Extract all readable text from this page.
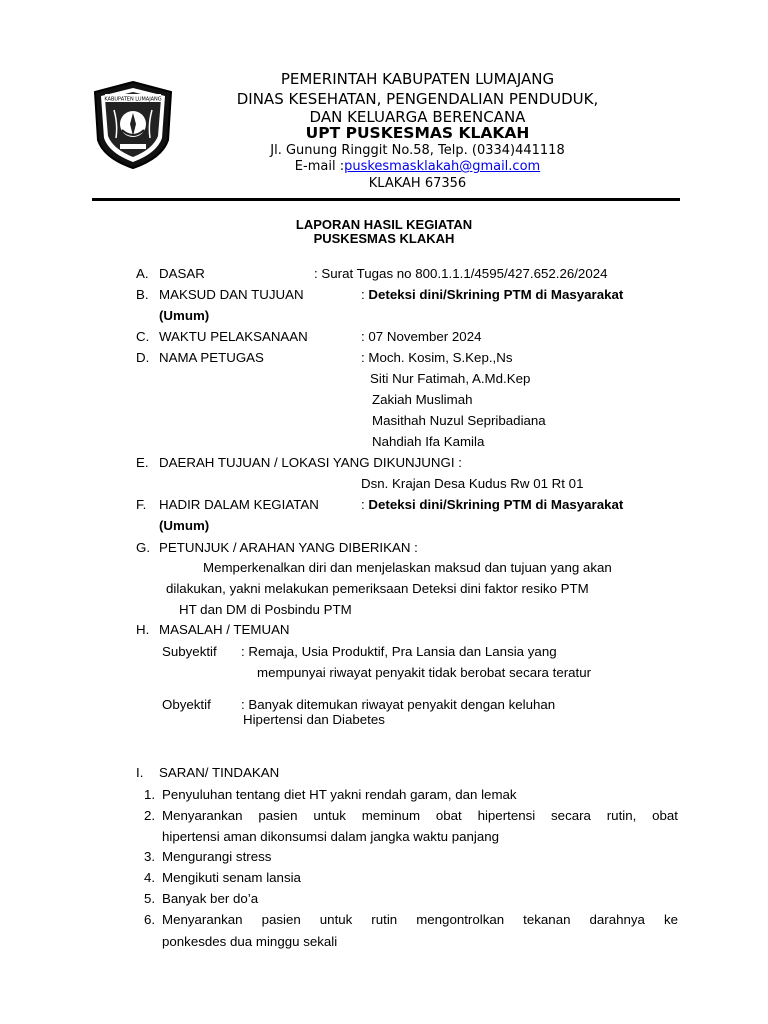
KABUPATEN LUMAJANG
PEMERINTAH KABUPATEN LUMAJANG
DINAS KESEHATAN, PENGENDALIAN PENDUDUK,
DAN KELUARGA BERENCANA
UPT PUSKESMAS KLAKAH
Jl. Gunung Ringgit No.58, Telp. (0334)441118
E-mail :puskesmasklakah@gmail.com
KLAKAH 67356
LAPORAN HASIL KEGIATAN
PUSKESMAS KLAKAH
A. DASAR	: Surat Tugas no 800.1.1.1/4595/427.652.26/2024
B. MAKSUD DAN TUJUAN	: Deteksi dini/Skrining PTM di Masyarakat
(Umum)
C. WAKTU PELAKSANAAN	: 07 November 2024
D. NAMA PETUGAS	: Moch. Kosim, S.Kep.,Ns
Siti Nur Fatimah, A.Md.Kep
Zakiah Muslimah
Masithah Nuzul Sepribadiana
Nahdiah Ifa Kamila
E. DAERAH TUJUAN / LOKASI YANG DIKUNJUNGI :
Dsn. Krajan Desa Kudus Rw 01 Rt 01
F. HADIR DALAM KEGIATAN	: Deteksi dini/Skrining PTM di Masyarakat
(Umum)
G. PETUNJUK / ARAHAN YANG DIBERIKAN :
Memperkenalkan diri dan menjelaskan maksud dan tujuan yang akan
dilakukan, yakni melakukan pemeriksaan Deteksi dini faktor resiko PTM
HT dan DM di Posbindu PTM
H. MASALAH / TEMUAN
Subyektif : Remaja, Usia Produktif, Pra Lansia dan Lansia yang
mempunyai riwayat penyakit tidak berobat secara teratur
Obyektif : Banyak ditemukan riwayat penyakit dengan keluhan
Hipertensi dan Diabetes
I. SARAN/ TINDAKAN
1. Penyuluhan tentang diet HT yakni rendah garam, dan lemak
2. Menyarankan pasien untuk meminum obat hipertensi secara rutin, obat
hipertensi aman dikonsumsi dalam jangka waktu panjang
3. Mengurangi stress
4. Mengikuti senam lansia
5. Banyak ber do’a
6. Menyarankan pasien untuk rutin mengontrolkan tekanan darahnya ke
ponkesdes dua minggu sekali
